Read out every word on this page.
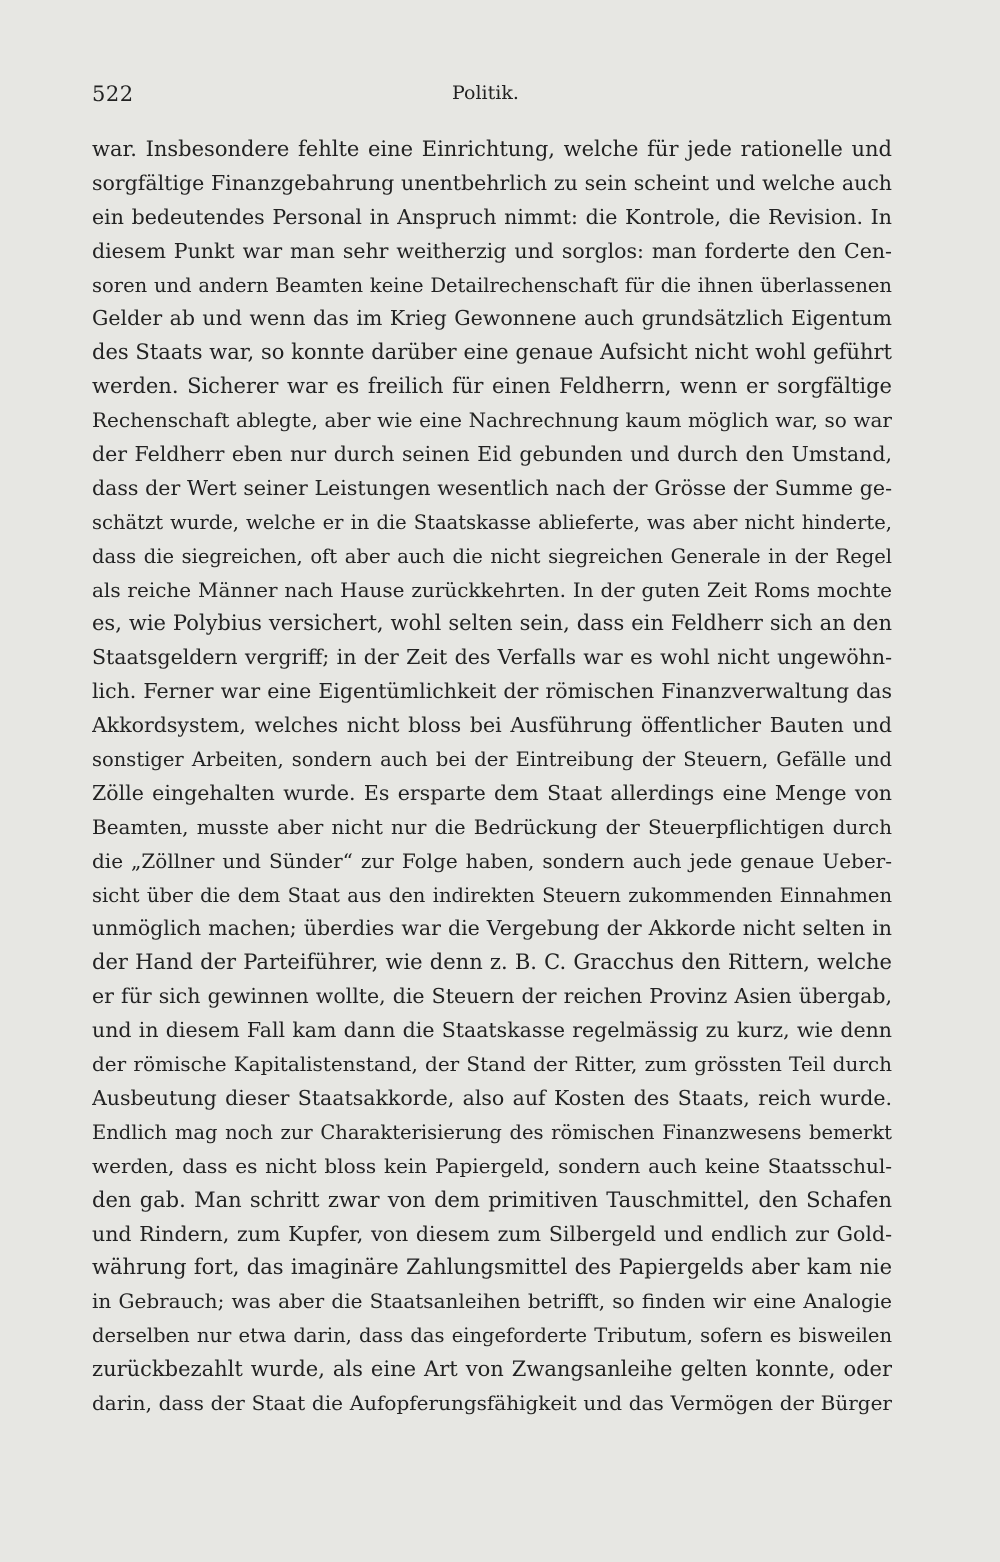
522	Politik.
war. Insbesondere fehlte eine Einrichtung, welche für jede rationelle und
sorgfältige Finanzgebahrung unentbehrlich zu sein scheint und welche auch
ein bedeutendes Personal in Anspruch nimmt: die Kontrole, die Revision. In
diesem Punkt war man sehr weitherzig und sorglos: man forderte den Cen-
soren und andern Beamten keine Detailrechenschaft für die ihnen überlassenen
Gelder ab und wenn das im Krieg Gewonnene auch grundsätzlich Eigentum
des Staats war, so konnte darüber eine genaue Aufsicht nicht wohl geführt
werden. Sicherer war es freilich für einen Feldherrn, wenn er sorgfältige
Rechenschaft ablegte, aber wie eine Nachrechnung kaum möglich war, so war
der Feldherr eben nur durch seinen Eid gebunden und durch den Umstand,
dass der Wert seiner Leistungen wesentlich nach der Grösse der Summe ge-
schätzt wurde, welche er in die Staatskasse ablieferte, was aber nicht hinderte,
dass die siegreichen, oft aber auch die nicht siegreichen Generale in der Regel
als reiche Männer nach Hause zurückkehrten. In der guten Zeit Roms mochte
es, wie Polybius versichert, wohl selten sein, dass ein Feldherr sich an den
Staatsgeldern vergriff; in der Zeit des Verfalls war es wohl nicht ungewöhn-
lich. Ferner war eine Eigentümlichkeit der römischen Finanzverwaltung das
Akkordsystem, welches nicht bloss bei Ausführung öffentlicher Bauten und
sonstiger Arbeiten, sondern auch bei der Eintreibung der Steuern, Gefälle und
Zölle eingehalten wurde. Es ersparte dem Staat allerdings eine Menge von
Beamten, musste aber nicht nur die Bedrückung der Steuerpflichtigen durch
die „Zöllner und Sünder“ zur Folge haben, sondern auch jede genaue Ueber-
sicht über die dem Staat aus den indirekten Steuern zukommenden Einnahmen
unmöglich machen; überdies war die Vergebung der Akkorde nicht selten in
der Hand der Parteiführer, wie denn z. B. C. Gracchus den Rittern, welche
er für sich gewinnen wollte, die Steuern der reichen Provinz Asien übergab,
und in diesem Fall kam dann die Staatskasse regelmässig zu kurz, wie denn
der römische Kapitalistenstand, der Stand der Ritter, zum grössten Teil durch
Ausbeutung dieser Staatsakkorde, also auf Kosten des Staats, reich wurde.
Endlich mag noch zur Charakterisierung des römischen Finanzwesens bemerkt
werden, dass es nicht bloss kein Papiergeld, sondern auch keine Staatsschul-
den gab. Man schritt zwar von dem primitiven Tauschmittel, den Schafen
und Rindern, zum Kupfer, von diesem zum Silbergeld und endlich zur Gold-
währung fort, das imaginäre Zahlungsmittel des Papiergelds aber kam nie
in Gebrauch; was aber die Staatsanleihen betrifft, so finden wir eine Analogie
derselben nur etwa darin, dass das eingeforderte Tributum, sofern es bisweilen
zurückbezahlt wurde, als eine Art von Zwangsanleihe gelten konnte, oder
darin, dass der Staat die Aufopferungsfähigkeit und das Vermögen der Bürger
